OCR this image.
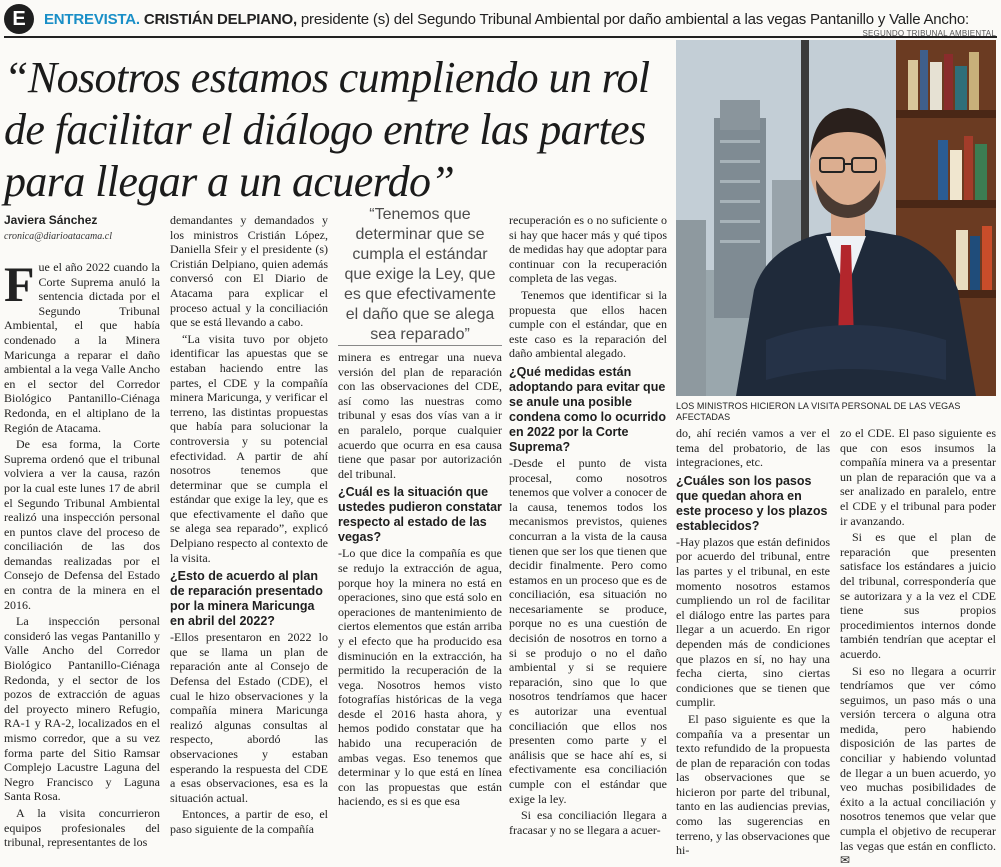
E	ENTREVISTA. CRISTIÁN DELPIANO, presidente (s) del Segundo Tribunal Ambiental por daño ambiental a las vegas Pantanillo y Valle Ancho:
“Nosotros estamos cumpliendo un rol de facilitar el diálogo entre las partes para llegar a un acuerdo”
SEGUNDO TRIBUNAL AMBIENTAL
LOS MINISTROS HICIERON LA VISITA PERSONAL DE LAS VEGAS AFECTADAS
Javiera Sánchez
cronica@diarioatacama.cl
“Tenemos que determinar que se cumpla el estándar que exige la Ley, que es que efectivamente el daño que se alega sea reparado”

Fue el año 2022 cuando la Corte Suprema anuló la sentencia dictada por el Segundo Tribunal Ambiental, el que había condenado a la Minera Maricunga a reparar el daño ambiental a la vega Valle Ancho en el sector del Corredor Biológico Pantanillo-Ciénaga Redonda, en el altiplano de la Región de Atacama.

De esa forma, la Corte Suprema ordenó que el tribunal volviera a ver la causa, razón por la cual este lunes 17 de abril el Segundo Tribunal Ambiental realizó una inspección personal en puntos clave del proceso de conciliación de las dos demandas realizadas por el Consejo de Defensa del Estado en contra de la minera en el 2016.

La inspección personal consideró las vegas Pantanillo y Valle Ancho del Corredor Biológico Pantanillo-Ciénaga Redonda, y el sector de los pozos de extracción de aguas del proyecto minero Refugio, RA-1 y RA-2, localizados en el mismo corredor, que a su vez forma parte del Sitio Ramsar Complejo Lacustre Laguna del Negro Francisco y Laguna Santa Rosa.

A la visita concurrieron equipos profesionales del tribunal, representantes de los

demandantes y demandados y los ministros Cristián López, Daniella Sfeir y el presidente (s) Cristián Delpiano, quien además conversó con El Diario de Atacama para explicar el proceso actual y la conciliación que se está llevando a cabo.

“La visita tuvo por objeto identificar las apuestas que se estaban haciendo entre las partes, el CDE y la compañía minera Maricunga, y verificar el terreno, las distintas propuestas que había para solucionar la controversia y su potencial efectividad. A partir de ahí nosotros tenemos que determinar que se cumpla el estándar que exige la ley, que es que efectivamente el daño que se alega sea reparado”, explicó Delpiano respecto al contexto de la visita.

¿Esto de acuerdo al plan de reparación presentado por la minera Maricunga en abril del 2022?

-Ellos presentaron en 2022 lo que se llama un plan de reparación ante al Consejo de Defensa del Estado (CDE), el cual le hizo observaciones y la compañía minera Maricunga realizó algunas consultas al respecto, abordó las observaciones y estaban esperando la respuesta del CDE a esas observaciones, esa es la situación actual.

Entonces, a partir de eso, el paso siguiente de la compañía

minera es entregar una nueva versión del plan de reparación con las observaciones del CDE, así como las nuestras como tribunal y esas dos vías van a ir en paralelo, porque cualquier acuerdo que ocurra en esa causa tiene que pasar por autorización del tribunal.

¿Cuál es la situación que ustedes pudieron constatar respecto al estado de las vegas?

-Lo que dice la compañía es que se redujo la extracción de agua, porque hoy la minera no está en operaciones, sino que está solo en operaciones de mantenimiento de ciertos elementos que están arriba y el efecto que ha producido esa disminución en la extracción, ha permitido la recuperación de la vega. Nosotros hemos visto fotografías históricas de la vega desde el 2016 hasta ahora, y hemos podido constatar que ha habido una recuperación de ambas vegas. Eso tenemos que determinar y lo que está en línea con las propuestas que están haciendo, es si es que esa

recuperación es o no suficiente o si hay que hacer más y qué tipos de medidas hay que adoptar para continuar con la recuperación completa de las vegas.

Tenemos que identificar si la propuesta que ellos hacen cumple con el estándar, que en este caso es la reparación del daño ambiental alegado.

¿Qué medidas están adoptando para evitar que se anule una posible condena como lo ocurrido en 2022 por la Corte Suprema?

-Desde el punto de vista procesal, como nosotros tenemos que volver a conocer de la causa, tenemos todos los mecanismos previstos, quienes concurran a la vista de la causa tienen que ser los que tienen que decidir finalmente. Pero como estamos en un proceso que es de conciliación, esa situación no necesariamente se produce, porque no es una cuestión de decisión de nosotros en torno a si se produjo o no el daño ambiental y si se requiere reparación, sino que lo que nosotros tendríamos que hacer es autorizar una eventual conciliación que ellos nos presenten como parte y el análisis que se hace ahí es, si efectivamente esa conciliación cumple con el estándar que exige la ley.

Si esa conciliación llegara a fracasar y no se llegara a acuer-

do, ahí recién vamos a ver el tema del probatorio, de las integraciones, etc.

¿Cuáles son los pasos que quedan ahora en este proceso y los plazos establecidos?

-Hay plazos que están definidos por acuerdo del tribunal, entre las partes y el tribunal, en este momento nosotros estamos cumpliendo un rol de facilitar el diálogo entre las partes para llegar a un acuerdo. En rigor dependen más de condiciones que plazos en sí, no hay una fecha cierta, sino ciertas condiciones que se tienen que cumplir.

El paso siguiente es que la compañía va a presentar un texto refundido de la propuesta de plan de reparación con todas las observaciones que se hicieron por parte del tribunal, tanto en las audiencias previas, como las sugerencias en terreno, y las observaciones que hi-

zo el CDE. El paso siguiente es que con esos insumos la compañía minera va a presentar un plan de reparación que va a ser analizado en paralelo, entre el CDE y el tribunal para poder ir avanzando.

Si es que el plan de reparación que presenten satisface los estándares a juicio del tribunal, correspondería que se autorizara y a la vez el CDE tiene sus propios procedimientos internos donde también tendrían que aceptar el acuerdo.

Si eso no llegara a ocurrir tendríamos que ver cómo seguimos, un paso más o una versión tercera o alguna otra medida, pero habiendo disposición de las partes de conciliar y habiendo voluntad de llegar a un buen acuerdo, yo veo muchas posibilidades de éxito a la actual conciliación y nosotros tenemos que velar que cumpla el objetivo de recuperar las vegas que están en conflicto. ✉
